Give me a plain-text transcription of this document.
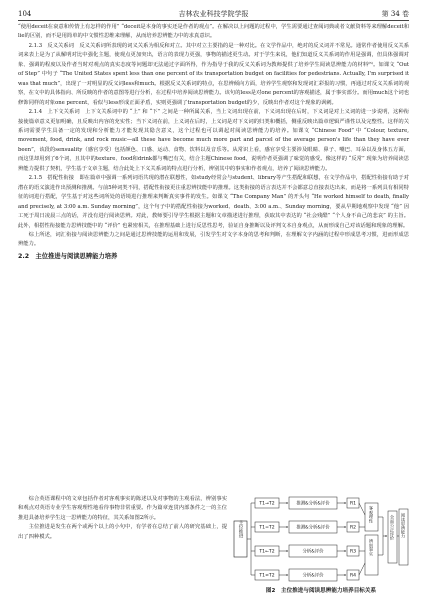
104	吉林农业科技学院学报	第 34 卷

“使用deceit在衰意和传情上有怎样的作用” “deceit是本身的事实还是作者的观点”。在解决以上问题的过程中，学生需要通过查阅词典或者文献资料等来理解deceit和lie的区别，而不是用简单的中文惯性思维来理解，从而培养思辨能力中的求真意识。

2.1.3　反义关系词　反义关系词所表现的词义关系为相反和对立。其中对立主要指的是一种对比。在文学作品中，绝对的反义词并不常见。通常作者使用反义关系词来表上是为了从解明对比中强化主题，使观点更加突出，语言的表现力更强，事物的描述更生动。对于学生来说，他们知道反义关系词的作用是强调，但具体强调对象、强调的程度以及作者当时对观点的真实态度等问题却无法通过字面所得，作为指导于我的反义关系词为教师提供了培养学生阅读思辨能力的材料⁽⁶⁾。如课文 “Out of Step” 中句子 “The United States spent less than one percent of its transportation budget on facilities for pedestrians. Actually, I'm surprised it was that much”，出现了一对明显的反义词less和much。根据反义关系词的特点，在思辨倾向方面，培养学生观察和发现词汇彩报的习惯，再通过对反义关系词的观察，在文中的具体指向、所反映的作者的意图等进行分析，在过程中培养阅读思辨能力。该句的less是对one percent的客观描述，属于事实部分。而用much这个词也修饰同样的对象one percent，看似与less形成正面矛盾，实则更强调了transportation budget的少，反映出作者对这个现象的讽刺。

2.1.4　上下文关系词　上下文关系词中的 “上” 和 “下” 之间是一种所属关系，当上文词出现在前，下义词出现在后时，下义词是对上义词的进一步说明，这种衔接使篇章意义更加明确，且反映出内容的充实性；当下义词在前，上义词在后时，上义词是对下义词的归类和概括，侧重反映出篇章逻辑严谨性以及完整性。这样的关系词需要学生具备一定的发现和分析能力才能发现其隐含意义，这个过程也可以调起对阅读思辨能力的培养。如课文 “Chinese Food” 中 “Colour, texture, movement, food, drink, and rock music—all these have become much more part and parcel of the average person's life than they have ever been”，该段的sensuality（感官享受）包括颜色、口感、运动、食物、饮料以及音乐等。从常识上看，感官享受主要涉及眼睛、鼻子、嘴巴、耳朵以及身体五方面，而这里却用到了6个词，且其中的texture、food和drink都与嘴巴有关，结合主题Chinese food，说明作者更强调了味觉的感受。像这样的 “反常” 现象为培养阅读思辨能力提供了契机，学生基于文章主题，结合此处上下义关系词的特点进行分析，辨别其中的事实和作者观点，培养了阅读思辨能力。

2.1.5　搭配性衔接　即在篇章中强调一系列词语共现的潜在联想性，如study经常会与student、library等产生搭配和联想，在文学作品中，搭配性衔接有助于对潜在的语义演进作出预测和推测。与前5种词类不同，搭配性衔接更注重思辨技能中的推理。这类衔接的语言表达并不会都意总直接表达出来，而是将一系列具有相同特征的词进行搭配，学生基于对这些词所处的语境进行推理来判断真实事件的发生。如课文 “The Company Man” 的开头句 “He worked himself to death, finally and precisely, at 3:00 a.m. Sunday morning”，这个句子中的搭配性衔接为worked、death、3:00 a.m.、Sunday morning，要从早期地观察中发现 “他” 因工死于周日凌晨三点的话，并没有进行阅读思辨。对此，教师要引导学生根据主题和文章描述进行推理，获取其中表达的 “社会残酷” “个人身不由己的悲哀” 的主旨。此外，相搭性衔接能力思辨技能中的 “评价” 也紧密相关，在推理基础上进行反思性思考，验证自身推断以及评判文本自身观点，从而形成自己对该话题和现象的理解。

综上所述，词汇衔接与阅读思辨能力之间是通过思辨技能的运用和发展，引发学生对文字本身的思考和判断，在理解文字内涵的过程中形成思考习惯，进而形成思辨能力。

2.2　 主位推进与阅读思辨能力培养

综合英语课程中的文章包括作者对客观事实的陈述以及对事物的主观看法，辨别事实和观点对英语专业学生客观理性地看待事物非常重要。作为篇章连贯内部条件之一的主位推进具备培养学生这一思辨能力的特征，其关系如图2所示。

主位推进是发生在两个或两个以上的小句中，有学者在总结了前人的研究基础上，提出了四种模式。	主位推进
T1→T2
T1=T2
T1←T2
T1≈T2
推测&分析&评价
推测&分析&评价
分析&评价
分析&评价
R1
R2
R3
R4
客观理性
辨别事实
全面公正评价 阅读思辨能力
图2　主位推进与阅读思辨能力培养目标关系
